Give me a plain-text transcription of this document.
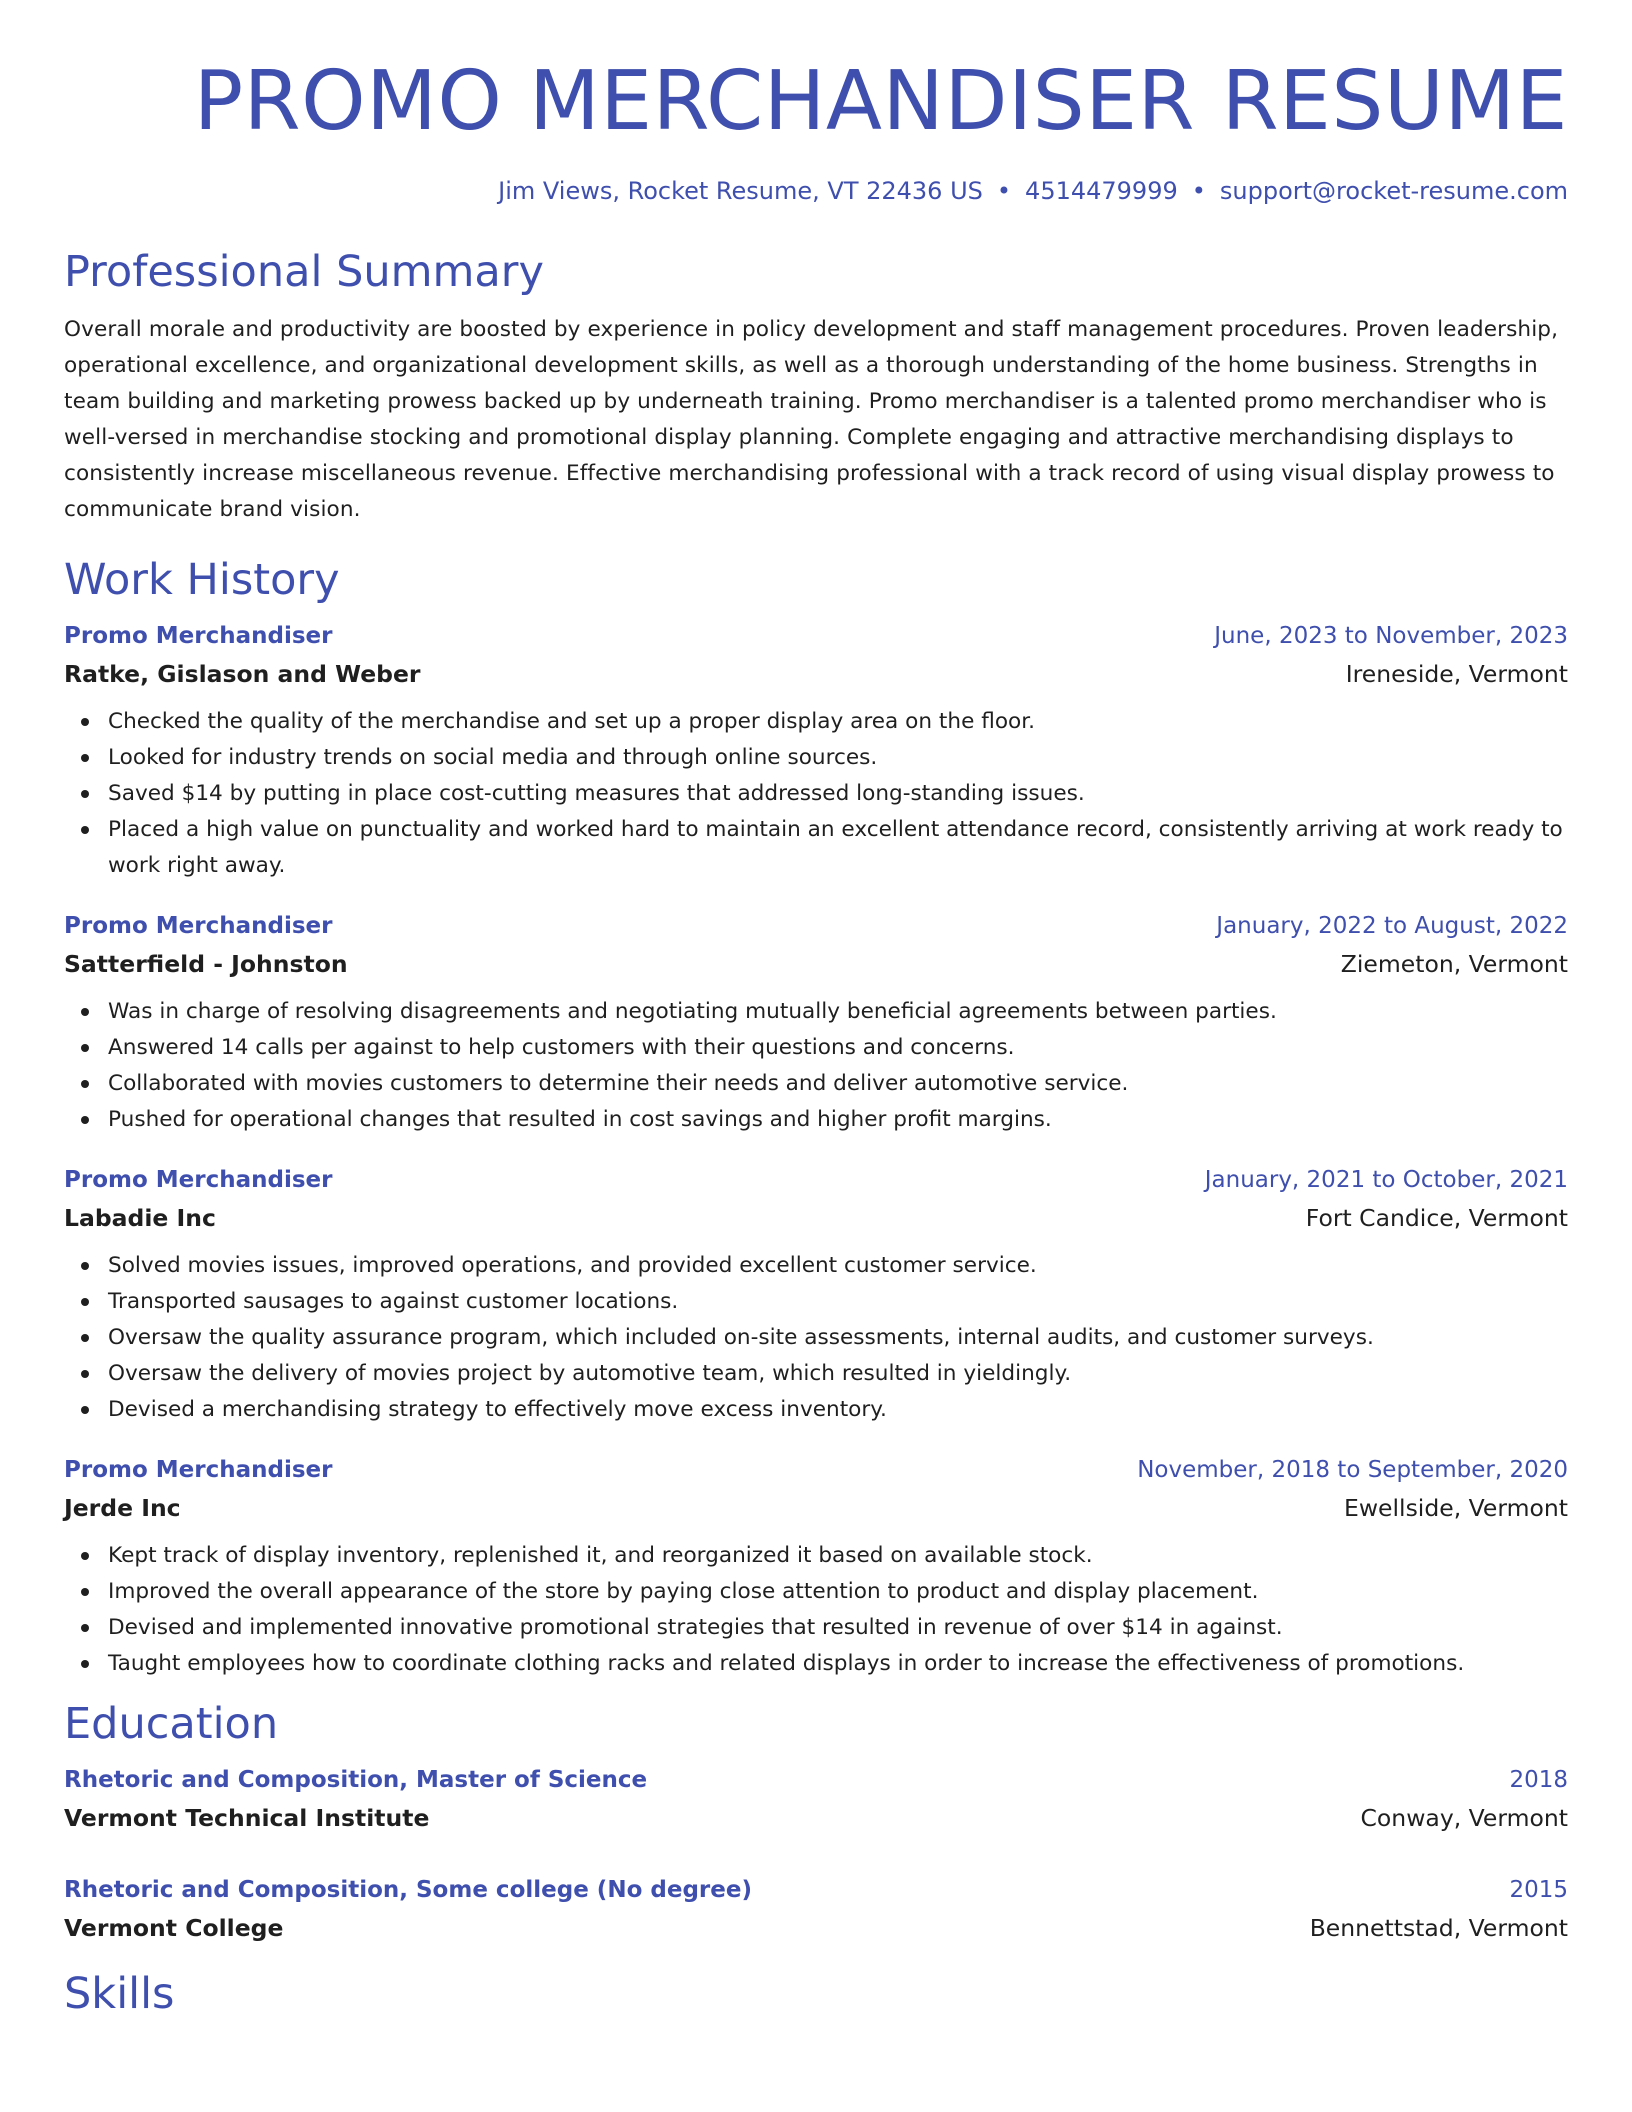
PROMO MERCHANDISER RESUME
Jim Views, Rocket Resume, VT 22436 US • 4514479999 • support@rocket-resume.com
Professional Summary

Overall morale and productivity are boosted by experience in policy development and staff management procedures. Proven leadership, operational excellence, and organizational development skills, as well as a thorough understanding of the home business. Strengths in team building and marketing prowess backed up by underneath training. Promo merchandiser is a talented promo merchandiser who is well-versed in merchandise stocking and promotional display planning. Complete engaging and attractive merchandising displays to consistently increase miscellaneous revenue. Effective merchandising professional with a track record of using visual display prowess to communicate brand vision.

Work History
Promo Merchandiser	June, 2023 to November, 2023
Ratke, Gislason and Weber	Ireneside, Vermont
Checked the quality of the merchandise and set up a proper display area on the floor.
Looked for industry trends on social media and through online sources.
Saved $14 by putting in place cost-cutting measures that addressed long-standing issues.
Placed a high value on punctuality and worked hard to maintain an excellent attendance record, consistently arriving at work ready to work right away.
Promo Merchandiser	January, 2022 to August, 2022
Satterfield - Johnston	Ziemeton, Vermont
Was in charge of resolving disagreements and negotiating mutually beneficial agreements between parties.
Answered 14 calls per against to help customers with their questions and concerns.
Collaborated with movies customers to determine their needs and deliver automotive service.
Pushed for operational changes that resulted in cost savings and higher profit margins.
Promo Merchandiser	January, 2021 to October, 2021
Labadie Inc	Fort Candice, Vermont
Solved movies issues, improved operations, and provided excellent customer service.
Transported sausages to against customer locations.
Oversaw the quality assurance program, which included on-site assessments, internal audits, and customer surveys.
Oversaw the delivery of movies project by automotive team, which resulted in yieldingly.
Devised a merchandising strategy to effectively move excess inventory.
Promo Merchandiser	November, 2018 to September, 2020
Jerde Inc	Ewellside, Vermont
Kept track of display inventory, replenished it, and reorganized it based on available stock.
Improved the overall appearance of the store by paying close attention to product and display placement.
Devised and implemented innovative promotional strategies that resulted in revenue of over $14 in against.
Taught employees how to coordinate clothing racks and related displays in order to increase the effectiveness of promotions.
Education
Rhetoric and Composition, Master of Science	2018
Vermont Technical Institute	Conway, Vermont
Rhetoric and Composition, Some college (No degree)	2015
Vermont College	Bennettstad, Vermont
Skills
